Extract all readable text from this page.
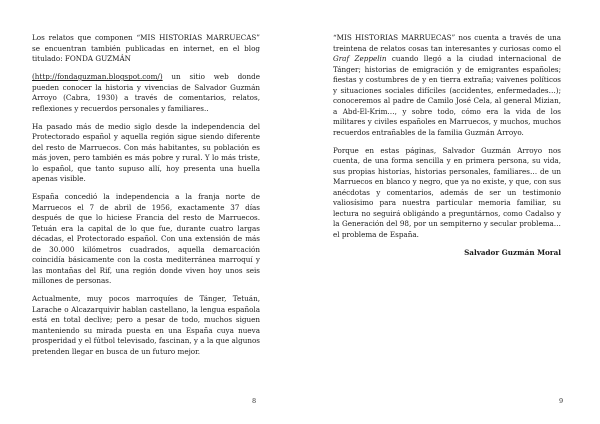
Los relatos que componen “MIS HISTORIAS MARRUECAS” se encuentran también publicadas en internet, en el blog titulado: FONDA GUZMÁN

(http://fondaguzman.blogspot.com/) un sitio web donde pueden conocer la historia y vivencias de Salvador Guzmán Arroyo (Cabra, 1930) a través de comentarios, relatos, reflexiones y recuerdos personales y familiares..

Ha pasado más de medio siglo desde la independencia del Protectorado español y aquella región sigue siendo diferente del resto de Marruecos. Con más habitantes, su población es más joven, pero también es más pobre y rural. Y lo más triste, lo español, que tanto supuso allí, hoy presenta una huella apenas visible.

España concedió la independencia a la franja norte de Marruecos el 7 de abril de 1956, exactamente 37 días después de que lo hiciese Francia del resto de Marruecos. Tetuán era la capital de lo que fue, durante cuatro largas décadas, el Protectorado español. Con una extensión de más de 30.000 kilómetros cuadrados, aquella demarcación coincidía básicamente con la costa mediterránea marroquí y las montañas del Rif, una región donde viven hoy unos seis millones de personas.

Actualmente, muy pocos marroquíes de Tánger, Tetuán, Larache o Alcazarquivir hablan castellano, la lengua española está en total declive; pero a pesar de todo, muchos siguen manteniendo su mirada puesta en una España cuya nueva prosperidad y el fútbol televisado, fascinan, y a la que algunos pretenden llegar en busca de un futuro mejor.

8

“MIS HISTORIAS MARRUECAS” nos cuenta a través de una treintena de relatos cosas tan interesantes y curiosas como el Graf Zeppelin cuando llegó a la ciudad internacional de Tánger; historias de emigración y de emigrantes españoles; fiestas y costumbres de y en tierra extraña; vaivenes políticos y situaciones sociales difíciles (accidentes, enfermedades…); conoceremos al padre de Camilo José Cela, al general Mizian, a Abd-El-Krim…, y sobre todo, cómo era la vida de los militares y civiles españoles en Marruecos, y muchos, muchos recuerdos entrañables de la familia Guzmán Arroyo.

Porque en estas páginas, Salvador Guzmán Arroyo nos cuenta, de una forma sencilla y en primera persona, su vida, sus propias historias, historias personales, familiares… de un Marruecos en blanco y negro, que ya no existe, y que, con sus anécdotas y comentarios, además de ser un testimonio valiosísimo para nuestra particular memoria familiar, su lectura no seguirá obligándo a preguntárnos, como Cadalso y la Generación del 98, por un sempiterno y secular problema… el problema de España.

Salvador Guzmán Moral

9
